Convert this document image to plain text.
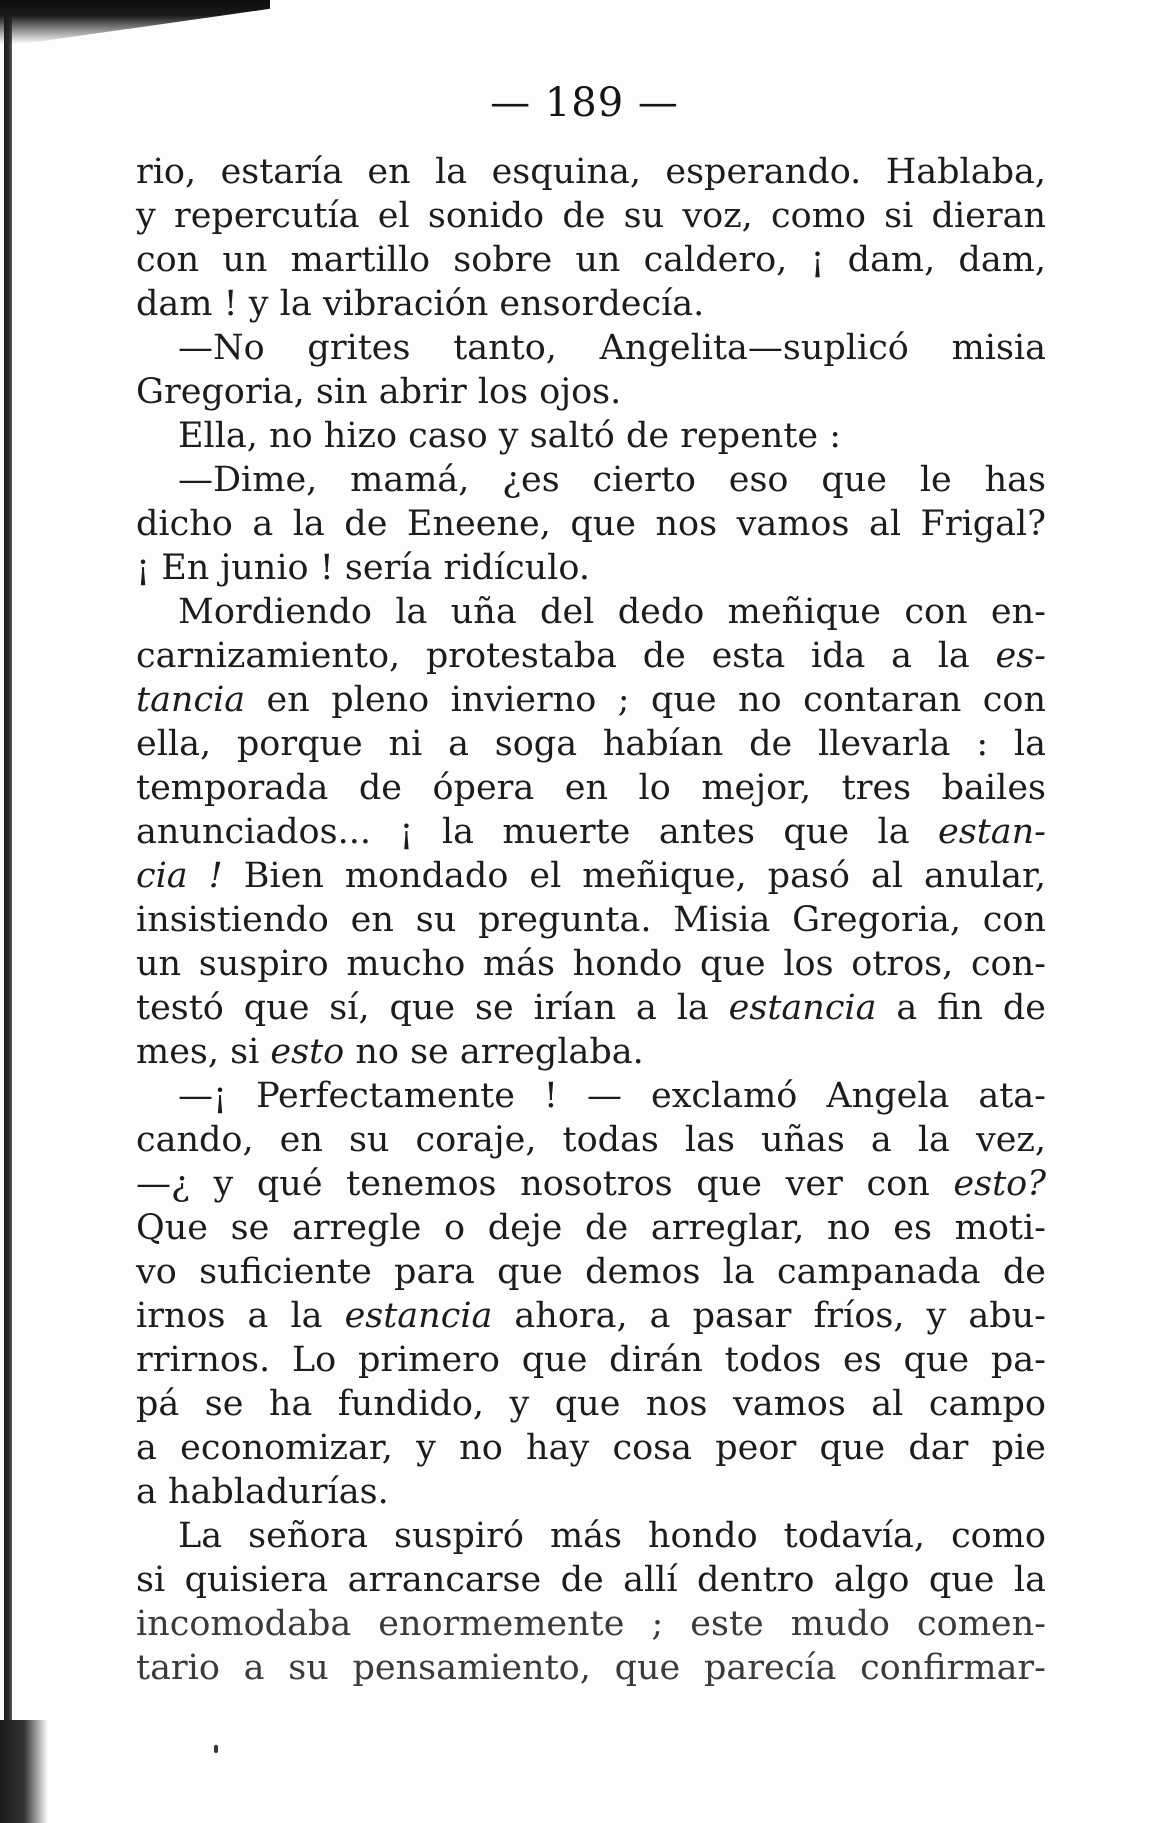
— 189 —
rio, estaría en la esquina, esperando. Hablaba,
y repercutía el sonido de su voz, como si dieran
con un martillo sobre un caldero, ¡ dam, dam,
dam ! y la vibración ensordecía.
—No grites tanto, Angelita—suplicó misia
Gregoria, sin abrir los ojos.
Ella, no hizo caso y saltó de repente :
—Dime, mamá, ¿es cierto eso que le has
dicho a la de Eneene, que nos vamos al Frigal?
¡ En junio ! sería ridículo.
Mordiendo la uña del dedo meñique con en-
carnizamiento, protestaba de esta ida a la es-
tancia en pleno invierno ; que no contaran con
ella, porque ni a soga habían de llevarla : la
temporada de ópera en lo mejor, tres bailes
anunciados... ¡ la muerte antes que la estan-
cia ! Bien mondado el meñique, pasó al anular,
insistiendo en su pregunta. Misia Gregoria, con
un suspiro mucho más hondo que los otros, con-
testó que sí, que se irían a la estancia a fin de
mes, si esto no se arreglaba.
—¡ Perfectamente ! — exclamó Angela ata-
cando, en su coraje, todas las uñas a la vez,
—¿ y qué tenemos nosotros que ver con esto?
Que se arregle o deje de arreglar, no es moti-
vo suficiente para que demos la campanada de
irnos a la estancia ahora, a pasar fríos, y abu-
rrirnos. Lo primero que dirán todos es que pa-
pá se ha fundido, y que nos vamos al campo
a economizar, y no hay cosa peor que dar pie
a habladurías.
La señora suspiró más hondo todavía, como
si quisiera arrancarse de allí dentro algo que la
incomodaba enormemente ; este mudo comen-
tario a su pensamiento, que parecía confirmar-
